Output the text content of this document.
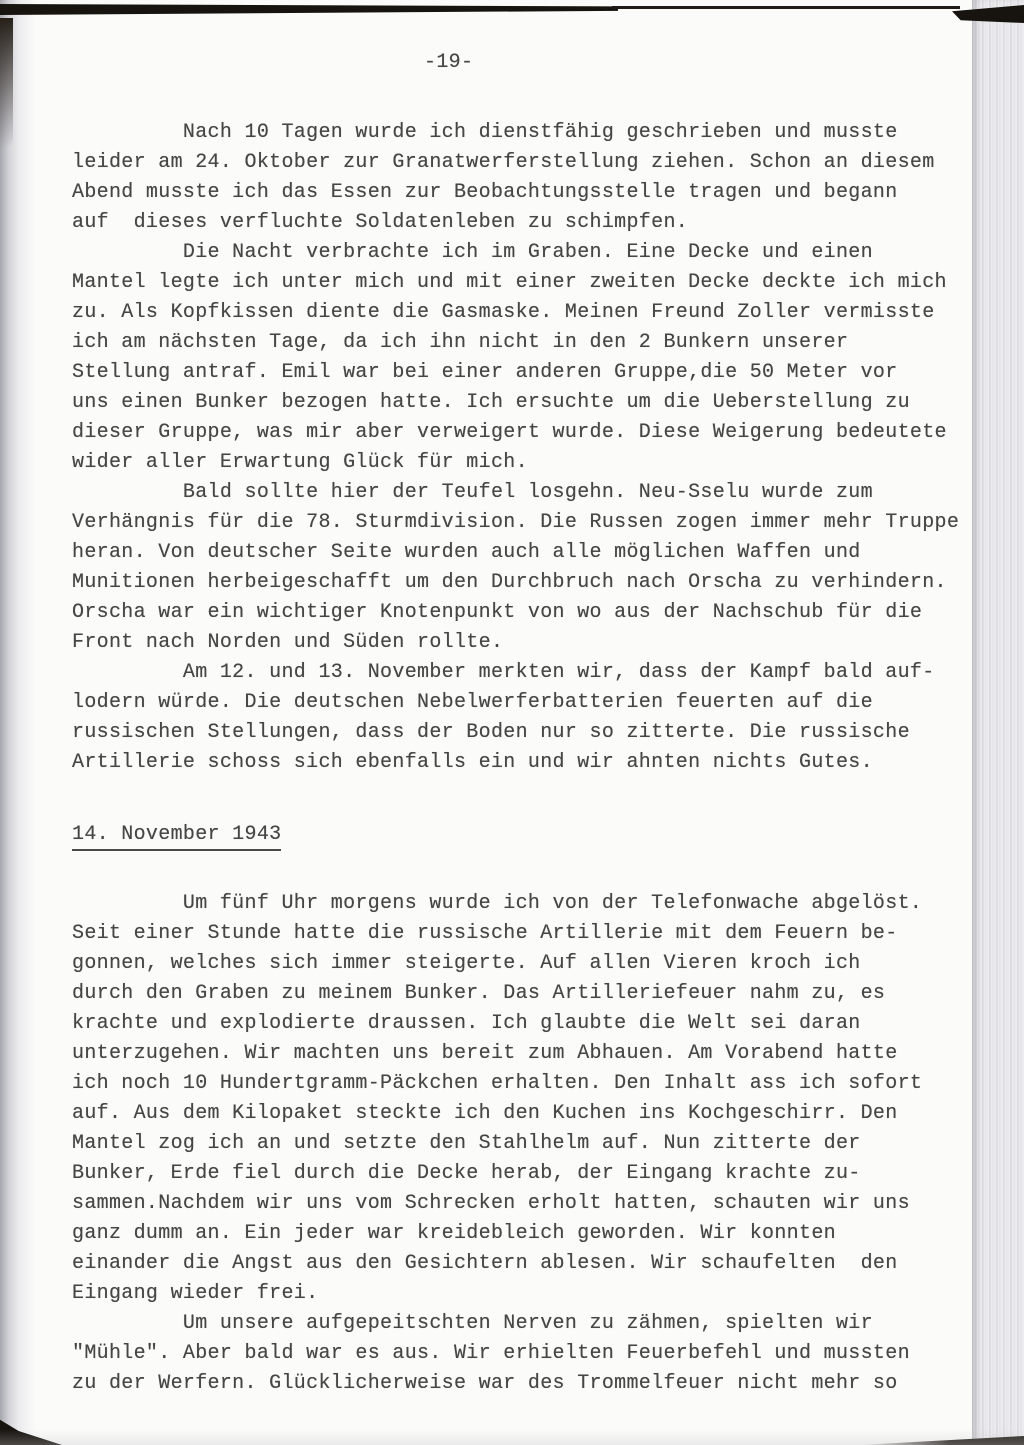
-19-
Nach 10 Tagen wurde ich dienstfähig geschrieben und musste
leider am 24. Oktober zur Granatwerferstellung ziehen. Schon an diesem
Abend musste ich das Essen zur Beobachtungsstelle tragen und begann
auf  dieses verfluchte Soldatenleben zu schimpfen.
Die Nacht verbrachte ich im Graben. Eine Decke und einen
Mantel legte ich unter mich und mit einer zweiten Decke deckte ich mich
zu. Als Kopfkissen diente die Gasmaske. Meinen Freund Zoller vermisste
ich am nächsten Tage, da ich ihn nicht in den 2 Bunkern unserer
Stellung antraf. Emil war bei einer anderen Gruppe,die 50 Meter vor
uns einen Bunker bezogen hatte. Ich ersuchte um die Ueberstellung zu
dieser Gruppe, was mir aber verweigert wurde. Diese Weigerung bedeutete
wider aller Erwartung Glück für mich.
Bald sollte hier der Teufel losgehn. Neu-Sselu wurde zum
Verhängnis für die 78. Sturmdivision. Die Russen zogen immer mehr Truppe
heran. Von deutscher Seite wurden auch alle möglichen Waffen und
Munitionen herbeigeschafft um den Durchbruch nach Orscha zu verhindern.
Orscha war ein wichtiger Knotenpunkt von wo aus der Nachschub für die
Front nach Norden und Süden rollte.
Am 12. und 13. November merkten wir, dass der Kampf bald auf-
lodern würde. Die deutschen Nebelwerferbatterien feuerten auf die
russischen Stellungen, dass der Boden nur so zitterte. Die russische
Artillerie schoss sich ebenfalls ein und wir ahnten nichts Gutes.
14. November 1943
Um fünf Uhr morgens wurde ich von der Telefonwache abgelöst.
Seit einer Stunde hatte die russische Artillerie mit dem Feuern be-
gonnen, welches sich immer steigerte. Auf allen Vieren kroch ich
durch den Graben zu meinem Bunker. Das Artilleriefeuer nahm zu, es
krachte und explodierte draussen. Ich glaubte die Welt sei daran
unterzugehen. Wir machten uns bereit zum Abhauen. Am Vorabend hatte
ich noch 10 Hundertgramm-Päckchen erhalten. Den Inhalt ass ich sofort
auf. Aus dem Kilopaket steckte ich den Kuchen ins Kochgeschirr. Den
Mantel zog ich an und setzte den Stahlhelm auf. Nun zitterte der
Bunker, Erde fiel durch die Decke herab, der Eingang krachte zu-
sammen.Nachdem wir uns vom Schrecken erholt hatten, schauten wir uns
ganz dumm an. Ein jeder war kreidebleich geworden. Wir konnten
einander die Angst aus den Gesichtern ablesen. Wir schaufelten  den
Eingang wieder frei.
Um unsere aufgepeitschten Nerven zu zähmen, spielten wir
"Mühle". Aber bald war es aus. Wir erhielten Feuerbefehl und mussten
zu der Werfern. Glücklicherweise war des Trommelfeuer nicht mehr so
